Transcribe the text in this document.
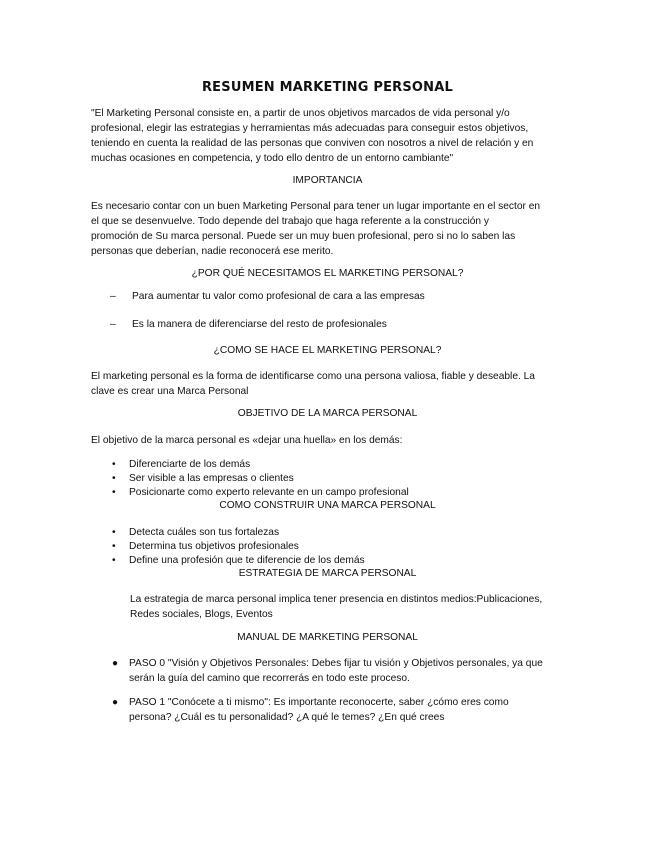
RESUMEN MARKETING PERSONAL
"El Marketing Personal consiste en, a partir de unos objetivos marcados de vida personal y/o
profesional, elegir las estrategias y herramientas más adecuadas para conseguir estos objetivos,
teniendo en cuenta la realidad de las personas que conviven con nosotros a nivel de relación y en
muchas ocasiones en competencia, y todo ello dentro de un entorno cambiante"
IMPORTANCIA
Es necesario contar con un buen Marketing Personal para tener un lugar importante en el sector en
el que se desenvuelve. Todo depende del trabajo que haga referente a la construcción y
promoción de Su marca personal. Puede ser un muy buen profesional, pero si no lo saben las
personas que deberían, nadie reconocerá ese merito.
¿POR QUÉ NECESITAMOS EL MARKETING PERSONAL?
– Para aumentar tu valor como profesional de cara a las empresas
– Es la manera de diferenciarse del resto de profesionales
¿COMO SE HACE EL MARKETING PERSONAL?
El marketing personal es la forma de identificarse como una persona valiosa, fiable y deseable. La
clave es crear una Marca Personal
OBJETIVO DE LA MARCA PERSONAL
El objetivo de la marca personal es «dejar una huella» en los demás:
• Diferenciarte de los demás
• Ser visible a las empresas o clientes
• Posicionarte como experto relevante en un campo profesional
COMO CONSTRUIR UNA MARCA PERSONAL
• Detecta cuáles son tus fortalezas
• Determina tus objetivos profesionales
• Define una profesión que te diferencie de los demás
ESTRATEGIA DE MARCA PERSONAL
La estrategia de marca personal implica tener presencia en distintos medios:Publicaciones,
Redes sociales, Blogs, Eventos
MANUAL DE MARKETING PERSONAL
● PASO 0 "Visión y Objetivos Personales: Debes fijar tu visión y Objetivos personales, ya que
serán la guía del camino que recorrerás en todo este proceso.
● PASO 1 "Conócete a ti mismo": Es importante reconocerte, saber ¿cómo eres como
persona? ¿Cuál es tu personalidad? ¿A qué le temes? ¿En qué crees
